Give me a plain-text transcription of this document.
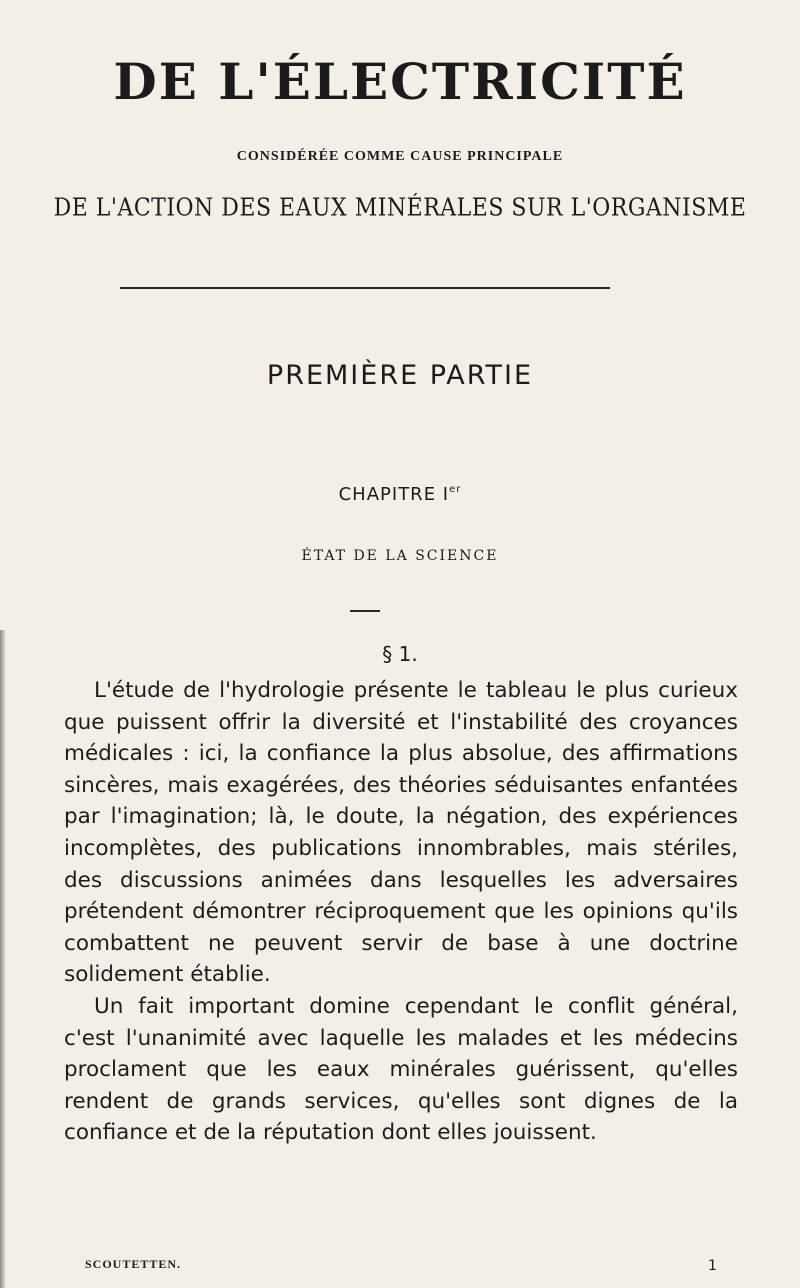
DE L'ÉLECTRICITÉ
CONSIDÉRÉE COMME CAUSE PRINCIPALE
DE L'ACTION DES EAUX MINÉRALES SUR L'ORGANISME
PREMIÈRE PARTIE
CHAPITRE Ier
ÉTAT DE LA SCIENCE
§ 1.

L'étude de l'hydrologie présente le tableau le plus curieux que puissent offrir la diversité et l'instabilité des croyances médicales : ici, la confiance la plus absolue, des affirmations sincères, mais exagérées, des théories séduisantes enfantées par l'imagination; là, le doute, la négation, des expériences incomplètes, des publications innombrables, mais stériles, des discussions animées dans lesquelles les adversaires prétendent démontrer réciproquement que les opinions qu'ils combattent ne peuvent servir de base à une doctrine solidement établie.

Un fait important domine cependant le conflit général, c'est l'unanimité avec laquelle les malades et les médecins proclament que les eaux minérales guérissent, qu'elles rendent de grands services, qu'elles sont dignes de la confiance et de la réputation dont elles jouissent.

SCOUTETTEN.	1
